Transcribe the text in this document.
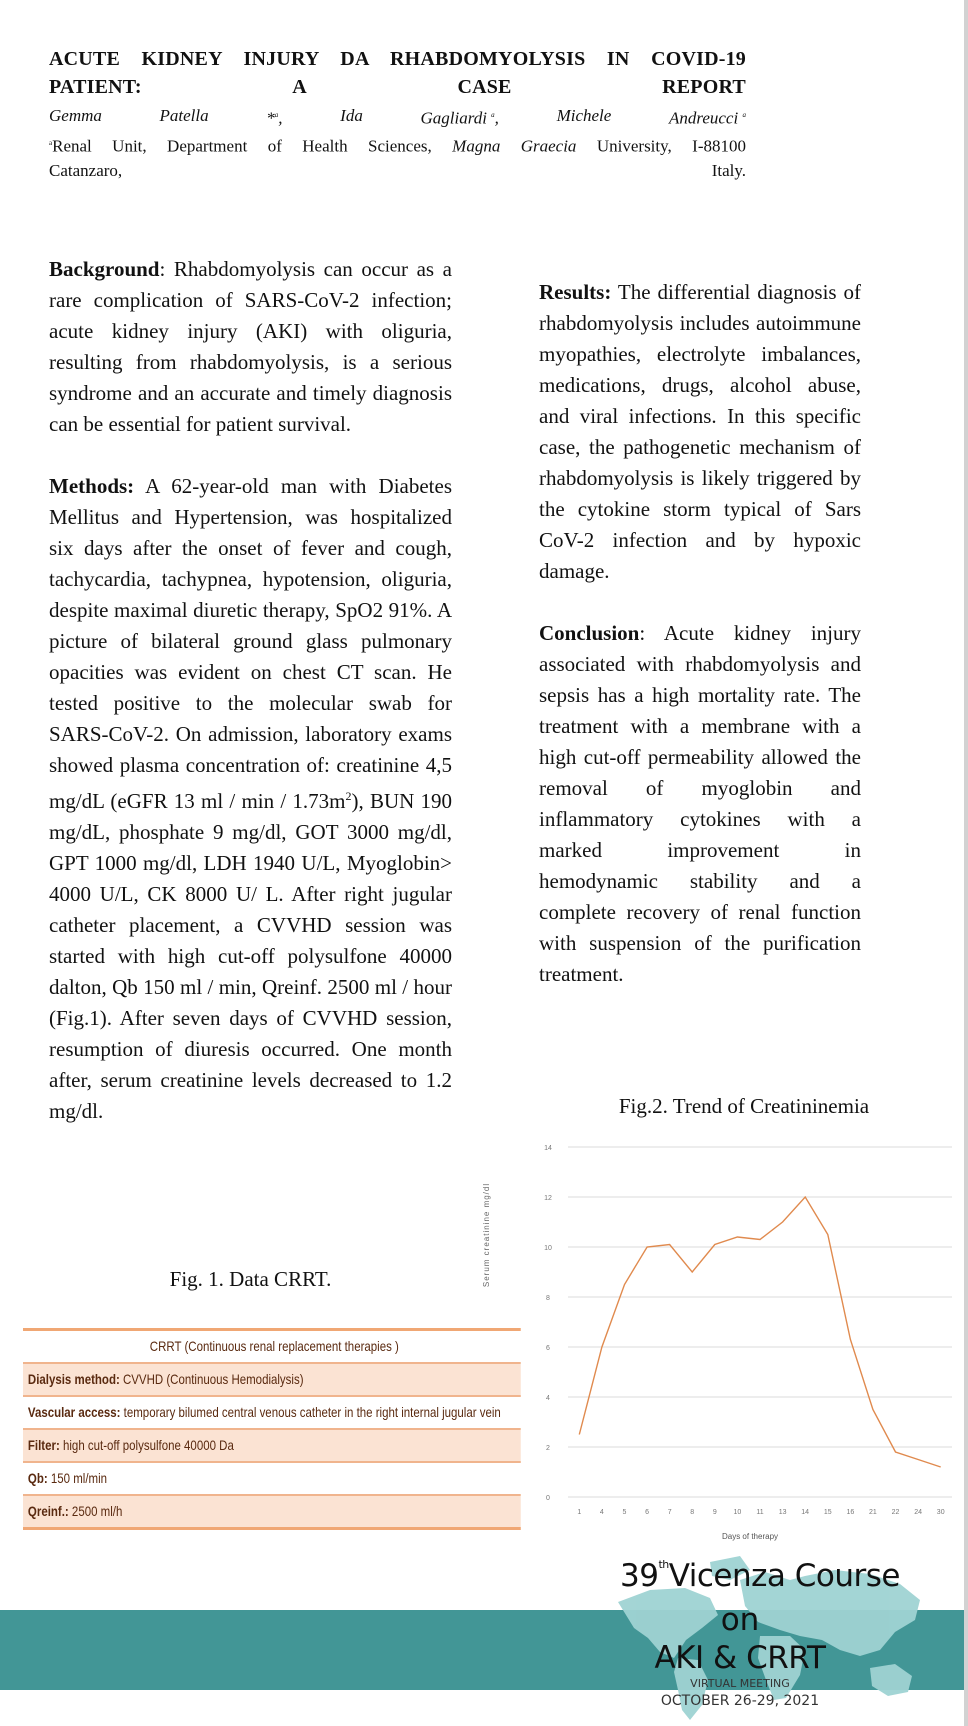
ACUTE KIDNEY INJURY DA RHABDOMYOLYSIS IN COVID-19
PATIENT:	A	CASE	REPORT
Gemma	Patella	*$^a$,	Ida	Gagliardi $^a$,	Michele	Andreucci $^a$
$^a$Renal Unit, Department of Health Sciences, Magna Graecia University, I-88100
Catanzaro,	Italy.

Background: Rhabdomyolysis can occur as a rare complication of SARS-CoV-2 infection; acute kidney injury (AKI) with oliguria, resulting from rhabdomyolysis, is a serious syndrome and an accurate and timely diagnosis can be essential for patient survival.

Methods: A 62-year-old man with Diabetes Mellitus and Hypertension, was hospitalized six days after the onset of fever and cough, tachycardia, tachypnea, hypotension, oliguria, despite maximal diuretic therapy, SpO2 91%. A picture of bilateral ground glass pulmonary opacities was evident on chest CT scan. He tested positive to the molecular swab for SARS-CoV-2. On admission, laboratory exams showed plasma concentration of: creatinine 4,5 mg/dL (eGFR 13 ml / min / $1.73m^2$), BUN 190 mg/dL, phosphate 9 mg/dl, GOT 3000 mg/dl, GPT 1000 mg/dl, LDH 1940 U/L, Myoglobin> 4000 U/L, CK 8000 U/ L. After right jugular catheter placement, a CVVHD session was started with high cut-off polysulfone 40000 dalton, Qb 150 ml / min, Qreinf. 2500 ml / hour (Fig.1). After seven days of CVVHD session, resumption of diuresis occurred. One month after, serum creatinine levels decreased to 1.2 mg/dl.

Fig. 1. Data CRRT.
CRRT (Continuous renal replacement therapies )
Dialysis method: CVVHD (Continuous Hemodialysis)
Vascular access: temporary bilumed central venous catheter in the right internal jugular vein
Filter: high cut-off polysulfone 40000 Da
Qb: 150 ml/min
Qreinf.: 2500 ml/h

Results: The differential diagnosis of rhabdomyolysis includes autoimmune myopathies, electrolyte imbalances, medications, drugs, alcohol abuse, and viral infections. In this specific case, the pathogenetic mechanism of rhabdomyolysis is likely triggered by the cytokine storm typical of Sars CoV-2 infection and by hypoxic damage.

Conclusion: Acute kidney injury associated with rhabdomyolysis and sepsis has a high mortality rate. The treatment with a membrane with a high cut-off permeability allowed the removal of myoglobin and inflammatory cytokines with a marked improvement in hemodynamic stability and a complete recovery of renal function with suspension of the purification treatment.

Fig.2. Trend of Creatininemia
0
2
4
6
8
10
12
14
1	4	5	6	7	8	9 10 11 13 14 15 16 21 22 24 30
Days of therapy
Serum creatinine mg/dl
39thVicenza Course
on
AKI & CRRT
VIRTUAL MEETING
OCTOBER 26-29, 2021
